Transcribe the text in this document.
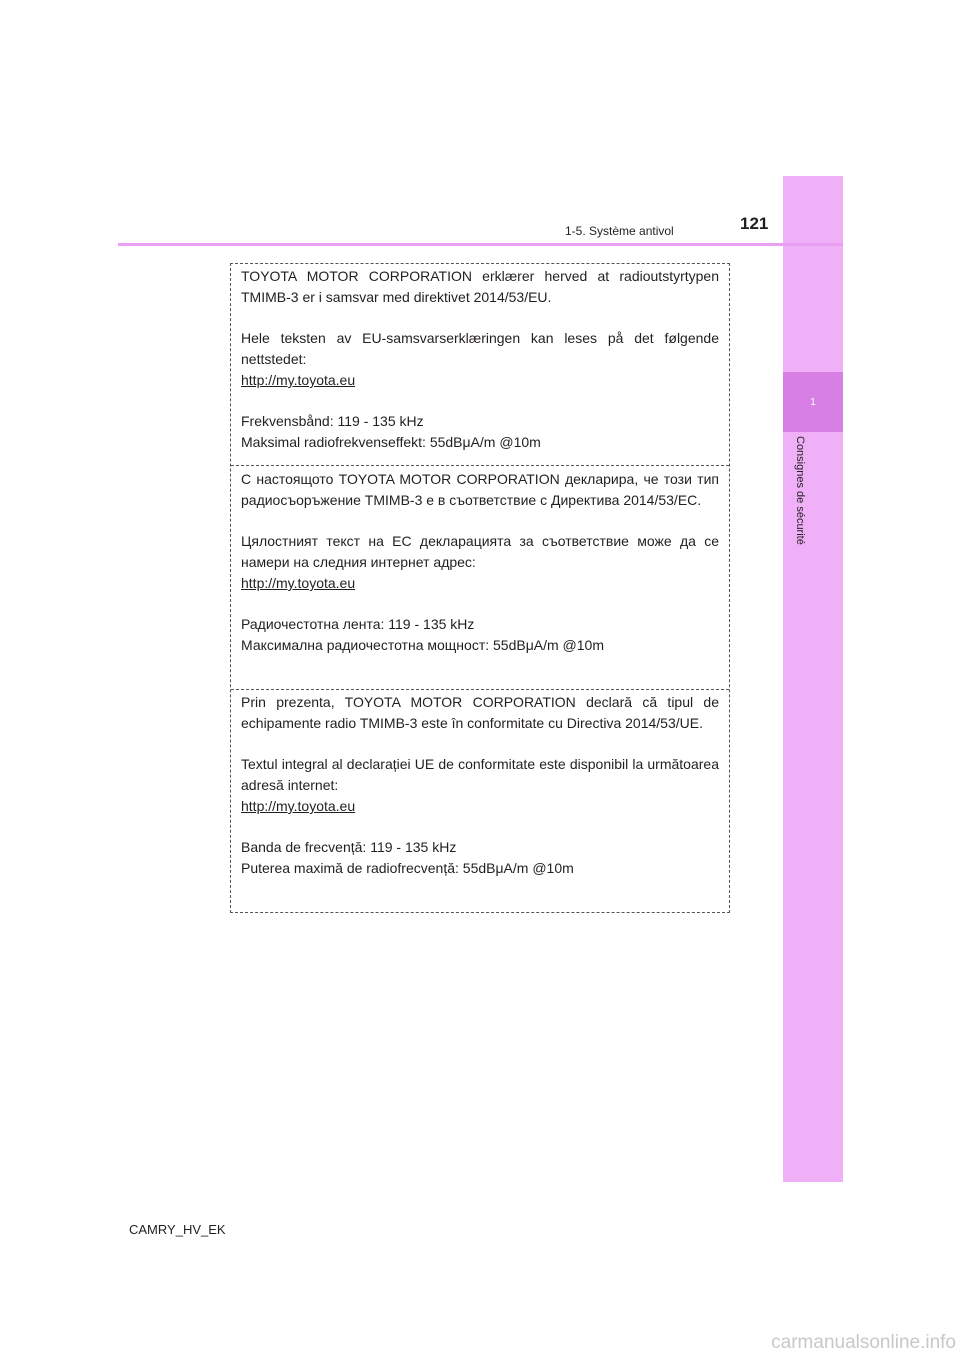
1
Consignes de sécurité
1-5. Système antivol	121

TOYOTA MOTOR CORPORATION erklærer herved at radioutstyrtypen TMIMB-3 er i samsvar med direktivet 2014/53/EU.

Hele teksten av EU-samsvarserklæringen kan leses på det følgende nettstedet:

http://my.toyota.eu

Frekvensbånd: 119 - 135 kHz

Maksimal radiofrekvenseffekt: 55dBμA/m @10m

С настоящото TOYOTA MOTOR CORPORATION декларира, че този тип радиосъоръжение TMIMB-3 е в съответствие с Директива 2014/53/ЕС.

Цялостният текст на ЕС декларацията за съответствие може да се намери на следния интернет адрес:

http://my.toyota.eu

Радиочестотна лента: 119 - 135 kHz

Максимална радиочестотна мощност: 55dBμA/m @10m

Prin prezenta, TOYOTA MOTOR CORPORATION declară că tipul de echipamente radio TMIMB-3 este în conformitate cu Directiva 2014/53/UE.

Textul integral al declarației UE de conformitate este disponibil la următoarea adresă internet:

http://my.toyota.eu

Banda de frecvență: 119 - 135 kHz

Puterea maximă de radiofrecvență: 55dBμA/m @10m

CAMRY_HV_EK
carmanualsonline.info
